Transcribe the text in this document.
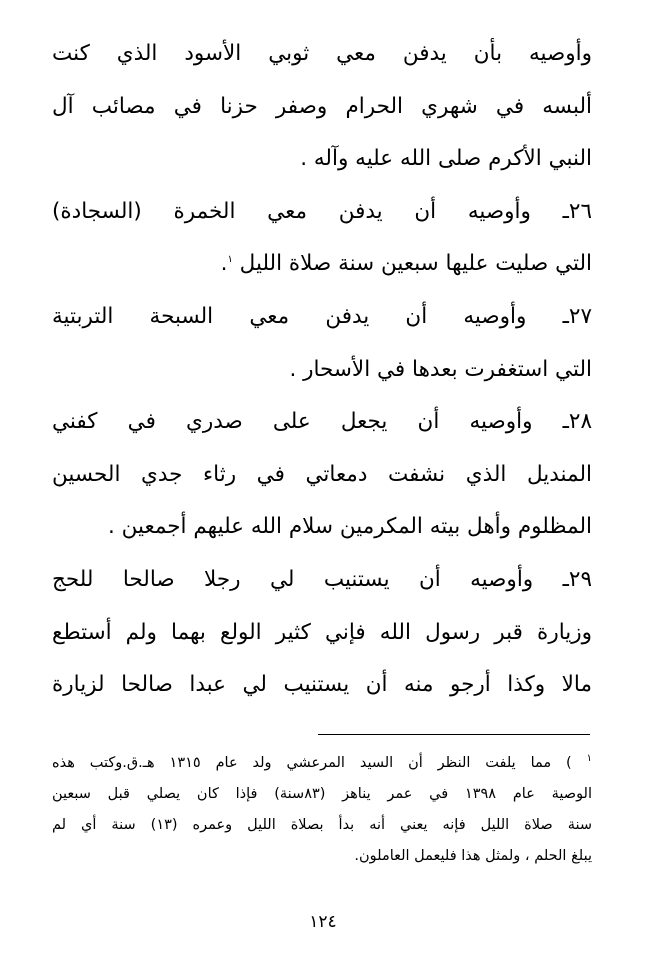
وأوصيه بأن يدفن معي ثوبي الأسود الذي كنت
ألبسه في شهري الحرام وصفر حزنا في مصائب آل
النبي الأكرم صلى الله عليه وآله .
٢٦ـ وأوصيه أن يدفن معي الخمرة (السجادة)
التي صليت عليها سبعين سنة صلاة الليل $^١$.
٢٧ـ وأوصيه أن يدفن معي السبحة التربتية
التي استغفرت بعدها في الأسحار .
٢٨ـ وأوصيه أن يجعل على صدري في كفني
المنديل الذي نشفت دمعاتي في رثاء جدي الحسين
المظلوم وأهل بيته المكرمين سلام الله عليهم أجمعين .
٢٩ـ وأوصيه أن يستنيب لي رجلا صالحا للحج
وزيارة قبر رسول الله فإني كثير الولع بهما ولم أستطع
مالا وكذا أرجو منه أن يستنيب لي عبدا صالحا لزيارة
$^١$ ) مما يلفت النظر أن السيد المرعشي ولد عام ١٣١٥ هـ.ق.وكتب هذه
الوصية عام ١٣٩٨ في عمر يناهز (٨٣سنة) فإذا كان يصلي قبل سبعين
سنة صلاة الليل فإنه يعني أنه بدأ بصلاة الليل وعمره (١٣) سنة أي لم
يبلغ الحلم ، ولمثل هذا فليعمل العاملون.
١٢٤
